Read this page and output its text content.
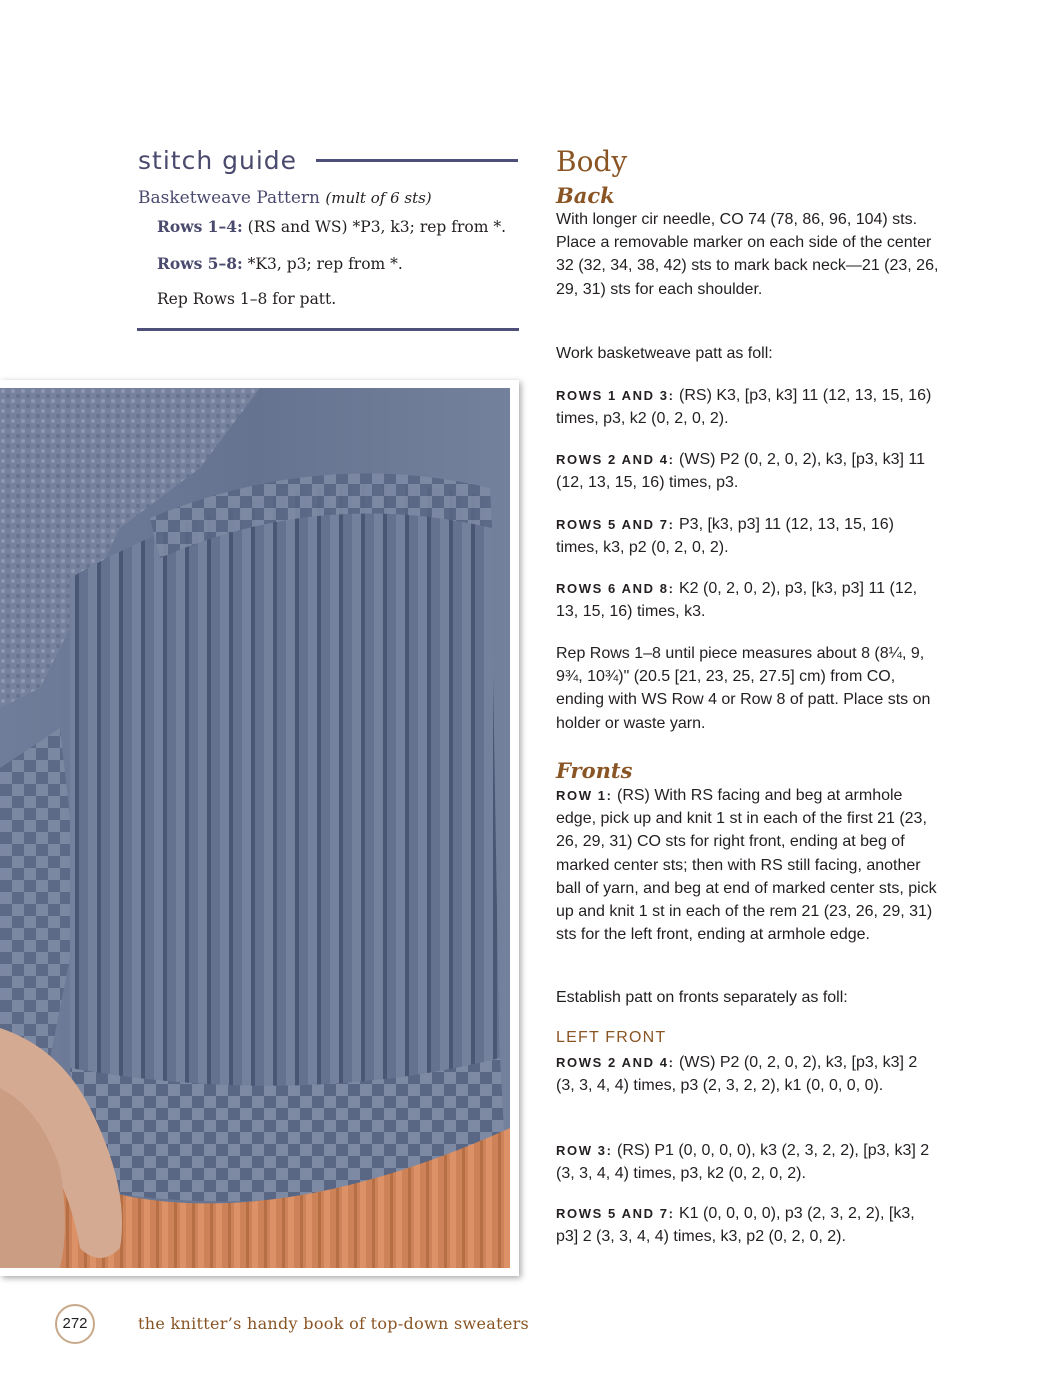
stitch guide
Basketweave Pattern (mult of 6 sts)
Rows 1–4: (RS and WS) *P3, k3; rep from *.
Rows 5–8: *K3, p3; rep from *.
Rep Rows 1–8 for patt.
Body
Back
With longer cir needle, CO 74 (78, 86, 96, 104) sts. Place a removable marker on each side of the center 32 (32, 34, 38, 42) sts to mark back neck—21 (23, 26, 29, 31) sts for each shoulder.
Work basketweave patt as foll:
ROWS 1 AND 3: (RS) K3, [p3, k3] 11 (12, 13, 15, 16) times, p3, k2 (0, 2, 0, 2).
ROWS 2 AND 4: (WS) P2 (0, 2, 0, 2), k3, [p3, k3] 11 (12, 13, 15, 16) times, p3.
ROWS 5 AND 7: P3, [k3, p3] 11 (12, 13, 15, 16) times, k3, p2 (0, 2, 0, 2).
ROWS 6 AND 8: K2 (0, 2, 0, 2), p3, [k3, p3] 11 (12, 13, 15, 16) times, k3.
Rep Rows 1–8 until piece measures about 8 (8¼, 9, 9¾, 10¾)" (20.5 [21, 23, 25, 27.5] cm) from CO, ending with WS Row 4 or Row 8 of patt. Place sts on holder or waste yarn.
Fronts
ROW 1: (RS) With RS facing and beg at armhole edge, pick up and knit 1 st in each of the first 21 (23, 26, 29, 31) CO sts for right front, ending at beg of marked center sts; then with RS still facing, another ball of yarn, and beg at end of marked center sts, pick up and knit 1 st in each of the rem 21 (23, 26, 29, 31) sts for the left front, ending at armhole edge.
Establish patt on fronts separately as foll:
LEFT FRONT
ROWS 2 AND 4: (WS) P2 (0, 2, 0, 2), k3, [p3, k3] 2 (3, 3, 4, 4) times, p3 (2, 3, 2, 2), k1 (0, 0, 0, 0).
ROW 3: (RS) P1 (0, 0, 0, 0), k3 (2, 3, 2, 2), [p3, k3] 2 (3, 3, 4, 4) times, p3, k2 (0, 2, 0, 2).
ROWS 5 AND 7: K1 (0, 0, 0, 0), p3 (2, 3, 2, 2), [k3, p3] 2 (3, 3, 4, 4) times, k3, p2 (0, 2, 0, 2).
272	the knitter’s handy book of top-down sweaters
